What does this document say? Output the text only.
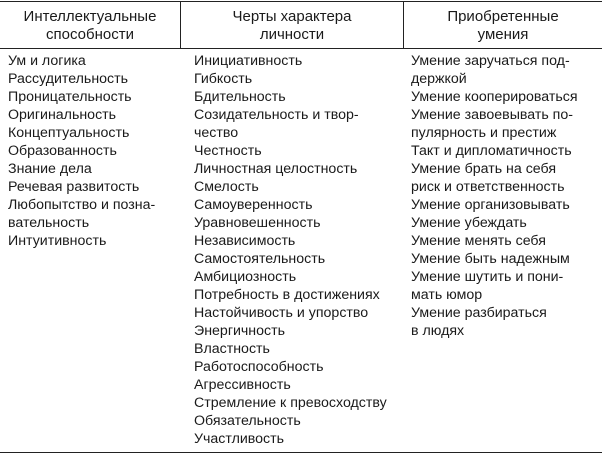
Интеллектуальные
способности
Черты характера
личности
Приобретенные
умения
Ум и логика
Рассудительность
Проницательность
Оригинальность
Концептуальность
Образованность
Знание дела
Речевая развитость
Любопытство и позна-
вательность
Интуитивность
Инициативность
Гибкость
Бдительность
Созидательность и твор-
чество
Честность
Личностная целостность
Смелость
Самоуверенность
Уравновешенность
Независимость
Самостоятельность
Амбициозность
Потребность в достижениях
Настойчивость и упорство
Энергичность
Властность
Работоспособность
Агрессивность
Стремление к превосходству
Обязательность
Участливость
Умение заручаться под-
держкой
Умение кооперироваться
Умение завоевывать по-
пулярность и престиж
Такт и дипломатичность
Умение брать на себя
риск и ответственность
Умение организовывать
Умение убеждать
Умение менять себя
Умение быть надежным
Умение шутить и пони-
мать юмор
Умение разбираться
в людях
